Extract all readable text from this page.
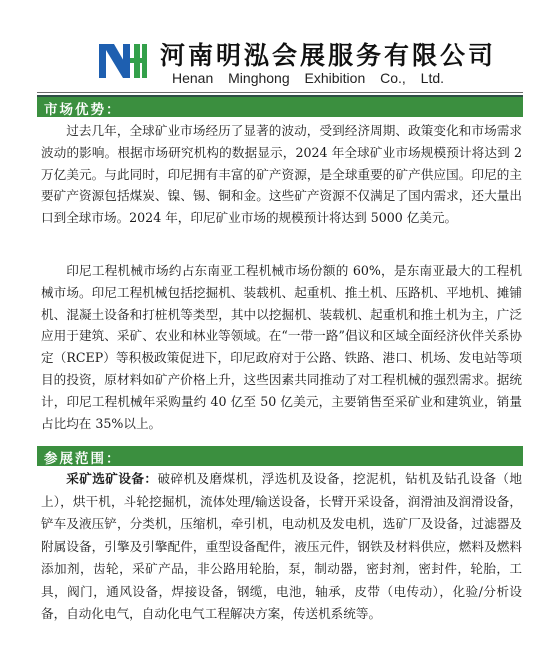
河南明泓会展服务有限公司
Henan Minghong Exhibition Co., Ltd.
市场优势：

过去几年，全球矿业市场经历了显著的波动，受到经济周期、政策变化和市场需求波动的影响。根据市场研究机构的数据显示，2024 年全球矿业市场规模预计将达到 2 万亿美元。与此同时，印尼拥有丰富的矿产资源，是全球重要的矿产供应国。印尼的主要矿产资源包括煤炭、镍、锡、铜和金。这些矿产资源不仅满足了国内需求，还大量出口到全球市场。2024 年，印尼矿业市场的规模预计将达到 5000 亿美元。

印尼工程机械市场约占东南亚工程机械市场份额的 60%，是东南亚最大的工程机械市场。印尼工程机械包括挖掘机、装载机、起重机、推土机、压路机、平地机、摊铺机、混凝土设备和打桩机等类型，其中以挖掘机、装载机、起重机和推土机为主，广泛应用于建筑、采矿、农业和林业等领域。在“一带一路”倡议和区域全面经济伙伴关系协定（RCEP）等积极政策促进下，印尼政府对于公路、铁路、港口、机场、发电站等项目的投资，原材料如矿产价格上升，这些因素共同推动了对工程机械的强烈需求。据统计，印尼工程机械年采购量约 40 亿至 50 亿美元，主要销售至采矿业和建筑业，销量占比均在 35%以上。

参展范围：

采矿选矿设备：破碎机及磨煤机，浮选机及设备，挖泥机，钻机及钻孔设备（地上），烘干机，斗轮挖掘机，流体处理/输送设备，长臂开采设备，润滑油及润滑设备，铲车及液压铲，分类机，压缩机，牵引机，电动机及发电机，选矿厂及设备，过滤器及附属设备，引擎及引擎配件，重型设备配件，液压元件，钢铁及材料供应，燃料及燃料添加剂，齿轮，采矿产品，非公路用轮胎，泵，制动器，密封剂，密封件，轮胎，工具，阀门，通风设备，焊接设备，钢缆，电池，轴承，皮带（电传动），化验/分析设备，自动化电气，自动化电气工程解决方案，传送机系统等。
